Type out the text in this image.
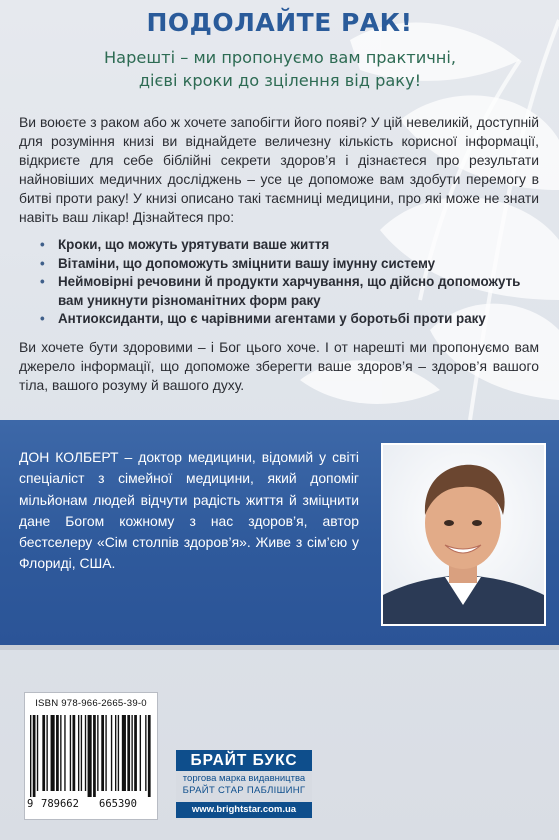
ПОДОЛАЙТЕ РАК!

Нарешті – ми пропонуємо вам практичні,
дієві кроки до зцілення від раку!

Ви воюєте з раком або ж хочете запобігти його появі? У цій невеликій, доступній для розуміння книзі ви віднайдете величезну кількість корисної інформації, відкриєте для себе біблійні секрети здоров’я і дізнаєтеся про результати найновіших медичних досліджень – усе це допоможе вам здобути перемогу в битві проти раку! У книзі описано такі таємниці медицини, про які може не знати навіть ваш лікар! Дізнайтеся про:

• Кроки, що можуть урятувати ваше життя
• Вітаміни, що допоможуть зміцнити вашу імунну систему
• Неймовірні речовини й продукти харчування, що дійсно допоможуть вам уникнути різноманітних форм раку
• Антиоксиданти, що є чарівними агентами у боротьбі проти раку

Ви хочете бути здоровими – і Бог цього хоче. І от нарешті ми пропонуємо вам джерело інформації, що допоможе зберегти ваше здоров’я – здоров’я вашого тіла, вашого розуму й вашого духу.

ДОН КОЛБЕРТ – доктор медицини, відомий у світі спеціаліст з сімейної медицини, який допоміг мільйонам людей відчути радість життя й зміцнити дане Богом кожному з нас здоров’я, автор бестселеру «Сім столпів здоров’я». Живе з сім’єю у Флориді, США.

ISBN 978-966-2665-39-0

9 789662 665390

БРАЙТ БУКС

торгова марка видавництва

БРАЙТ СТАР ПАБЛІШИНГ

www.brightstar.com.ua
